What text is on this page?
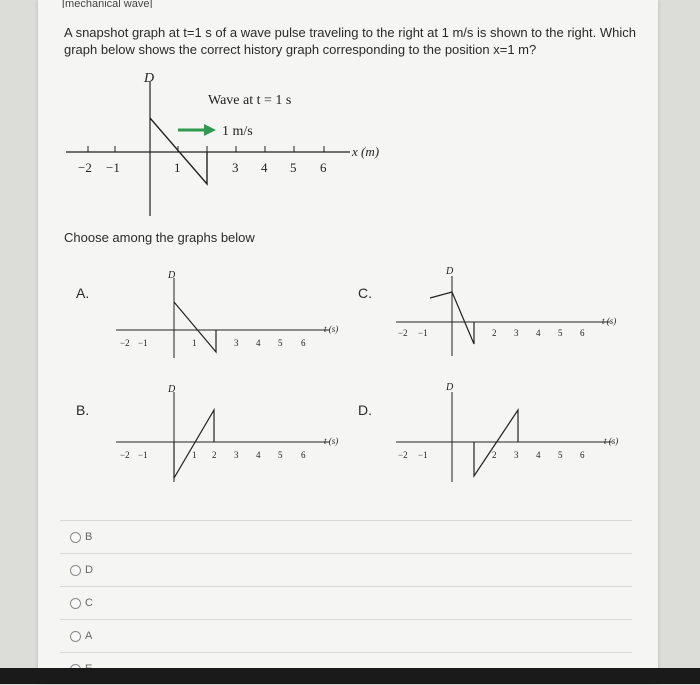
[mechanical wave]
A snapshot graph at t=1 s of a wave pulse traveling to the right at 1 m/s is shown to the right. Which graph below shows the correct history graph corresponding to the position x=1 m?
D
x (m)
−2 −1	1	3 4 5 6
Wave at t = 1 s
1 m/s
Choose among the graphs below
A.	C.
B.	D.
D
t (s)
−2 −1	1	3 4 5 6
D
t (s)
−2 −1	2 3 4 5 6
D
t (s)
−2 −1	1 2 3 4 5 6
D
t (s)
−2 −1	2 3 4 5 6
B
D
C
A
